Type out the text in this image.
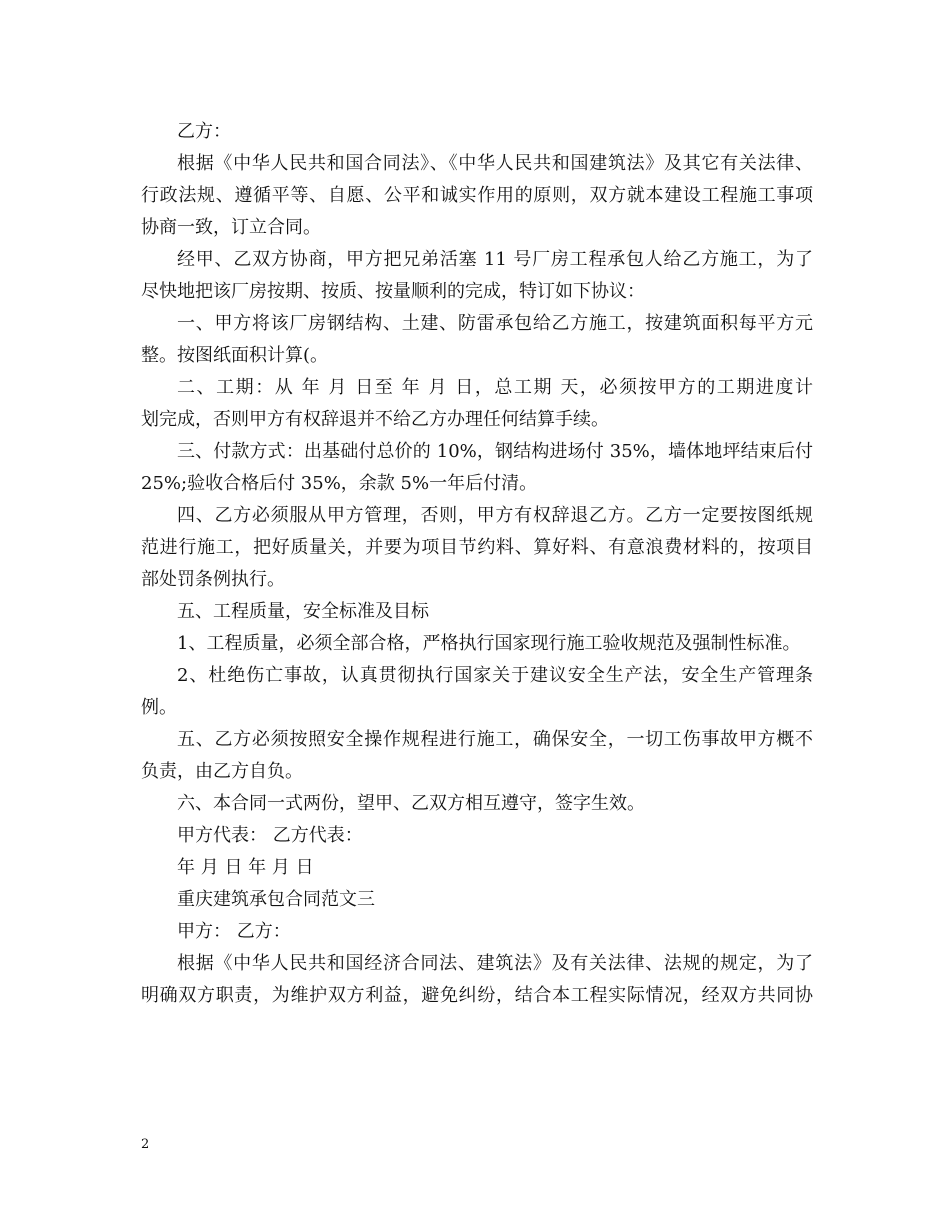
乙方：

根据《中华人民共和国合同法》、《中华人民共和国建筑法》及其它有关法律、

行政法规、遵循平等、自愿、公平和诚实作用的原则，双方就本建设工程施工事项

协商一致，订立合同。

经甲、乙双方协商，甲方把兄弟活塞 11 号厂房工程承包人给乙方施工，为了

尽快地把该厂房按期、按质、按量顺利的完成，特订如下协议：

一、甲方将该厂房钢结构、土建、防雷承包给乙方施工，按建筑面积每平方元

整。按图纸面积计算(。

二、工期：从 年 月 日至 年 月 日，总工期 天，必须按甲方的工期进度计

划完成，否则甲方有权辞退并不给乙方办理任何结算手续。

三、付款方式：出基础付总价的 10%，钢结构进场付 35%，墙体地坪结束后付

25%;验收合格后付 35%，余款 5%一年后付清。

四、乙方必须服从甲方管理，否则，甲方有权辞退乙方。乙方一定要按图纸规

范进行施工，把好质量关，并要为项目节约料、算好料、有意浪费材料的，按项目

部处罚条例执行。

五、工程质量，安全标准及目标

1、工程质量，必须全部合格，严格执行国家现行施工验收规范及强制性标准。

2、杜绝伤亡事故，认真贯彻执行国家关于建议安全生产法，安全生产管理条

例。

五、乙方必须按照安全操作规程进行施工，确保安全，一切工伤事故甲方概不

负责，由乙方自负。

六、本合同一式两份，望甲、乙双方相互遵守，签字生效。

甲方代表： 乙方代表：

年 月 日 年 月 日

重庆建筑承包合同范文三

甲方： 乙方：

根据《中华人民共和国经济合同法、建筑法》及有关法律、法规的规定，为了

明确双方职责，为维护双方利益，避免纠纷，结合本工程实际情况，经双方共同协

2
